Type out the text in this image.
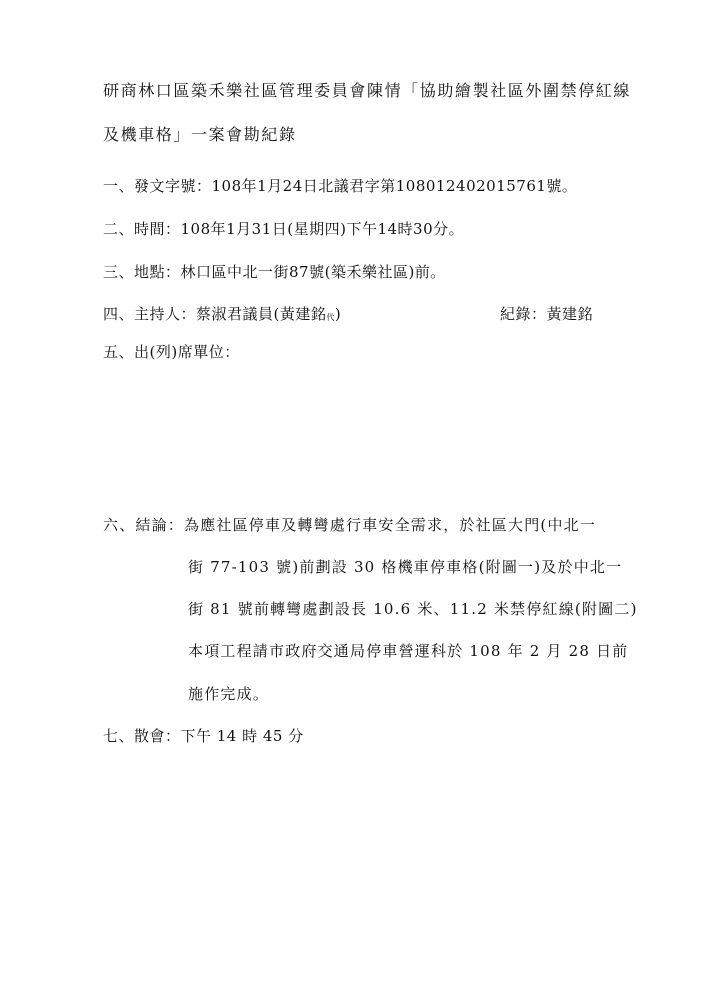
研商林口區築禾樂社區管理委員會陳情「協助繪製社區外圍禁停紅線
及機車格」一案會勘紀錄
一、發文字號：108年1月24日北議君字第108012402015761號。
二、時間：108年1月31日(星期四)下午14時30分。
三、地點：林口區中北一街87號(築禾樂社區)前。
四、主持人：蔡淑君議員(黃建銘代)	紀錄：黃建銘
五、出(列)席單位：
六、結論：為應社區停車及轉彎處行車安全需求，於社區大門(中北一
街 77-103 號)前劃設 30 格機車停車格(附圖一)及於中北一
街 81 號前轉彎處劃設長 10.6 米、11.2 米禁停紅線(附圖二)
本項工程請市政府交通局停車營運科於 108 年 2 月 28 日前
施作完成。
七、散會：下午 14 時 45 分
